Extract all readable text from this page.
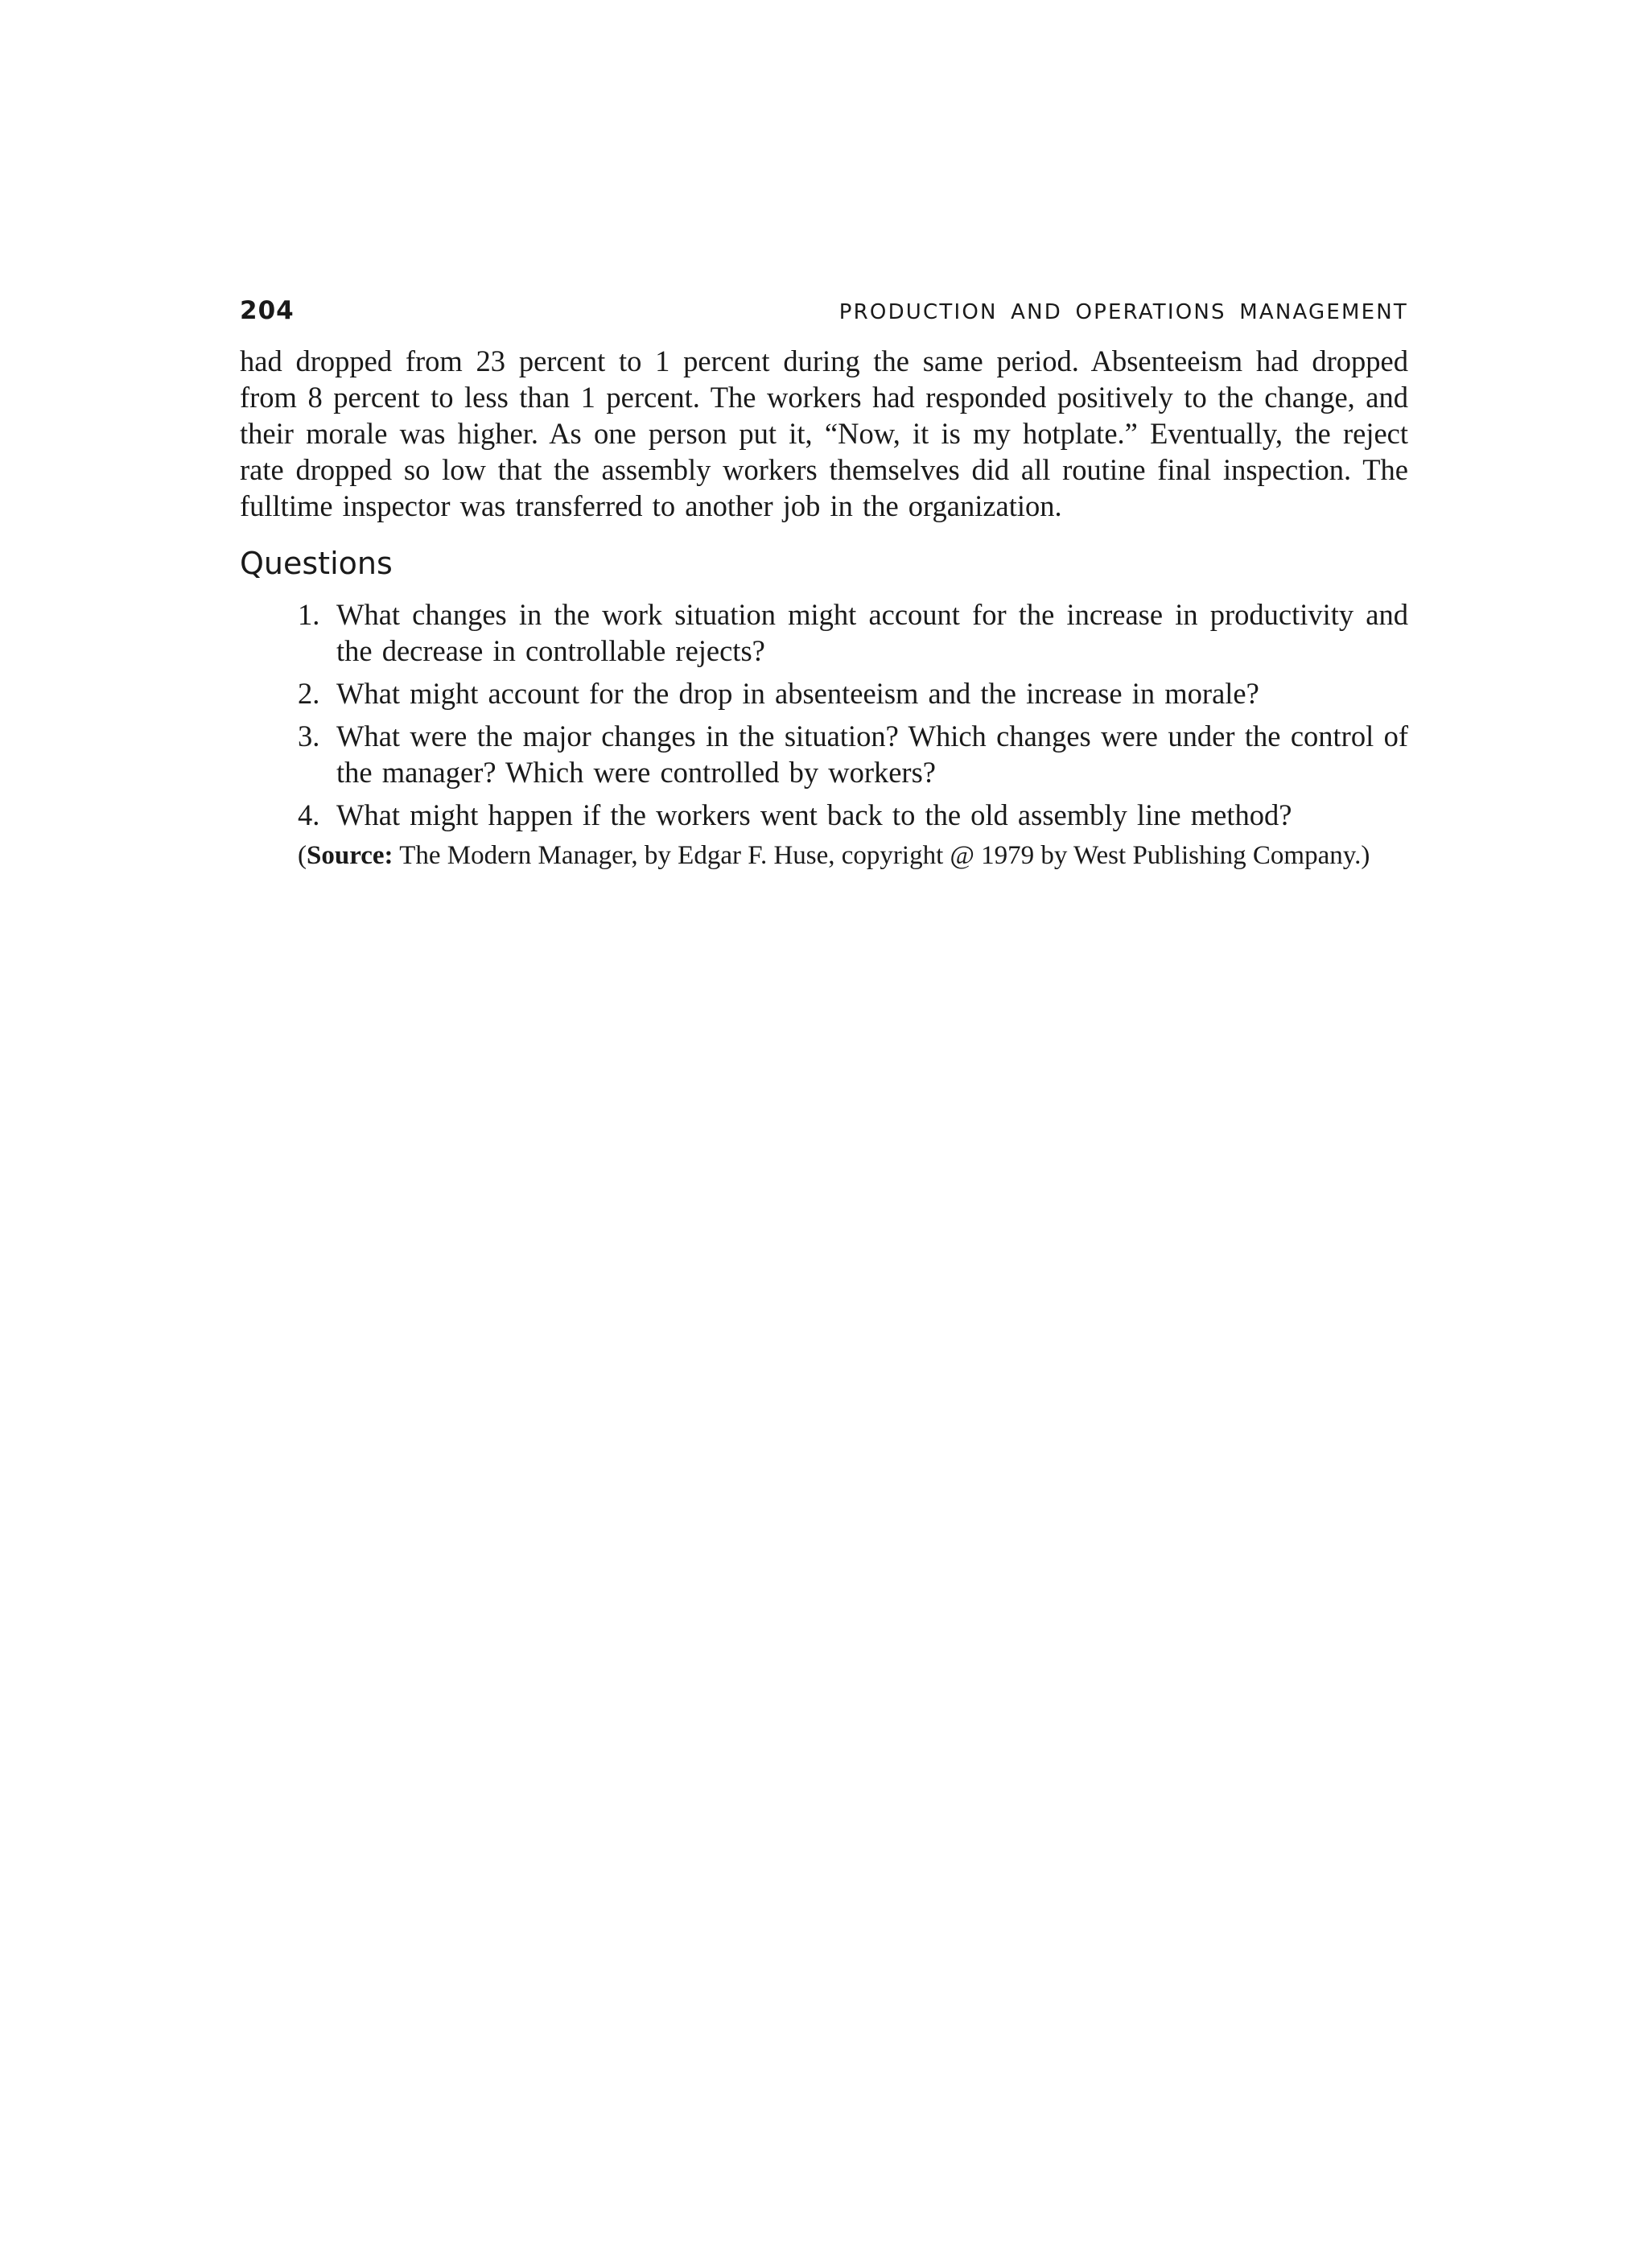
204	PRODUCTION AND OPERATIONS MANAGEMENT

had dropped from 23 percent to 1 percent during the same period. Absenteeism had dropped from 8 percent to less than 1 percent. The workers had responded positively to the change, and their morale was higher. As one person put it, “Now, it is my hotplate.” Eventually, the reject rate dropped so low that the assembly workers themselves did all routine final inspection. The fulltime inspector was transferred to another job in the organization.

Questions
1. What changes in the work situation might account for the increase in productivity and the decrease in controllable rejects?
2. What might account for the drop in absenteeism and the increase in morale?
3. What were the major changes in the situation? Which changes were under the control of the manager? Which were controlled by workers?
4. What might happen if the workers went back to the old assembly line method?

(Source: The Modern Manager, by Edgar F. Huse, copyright @ 1979 by West Publishing Company.)
